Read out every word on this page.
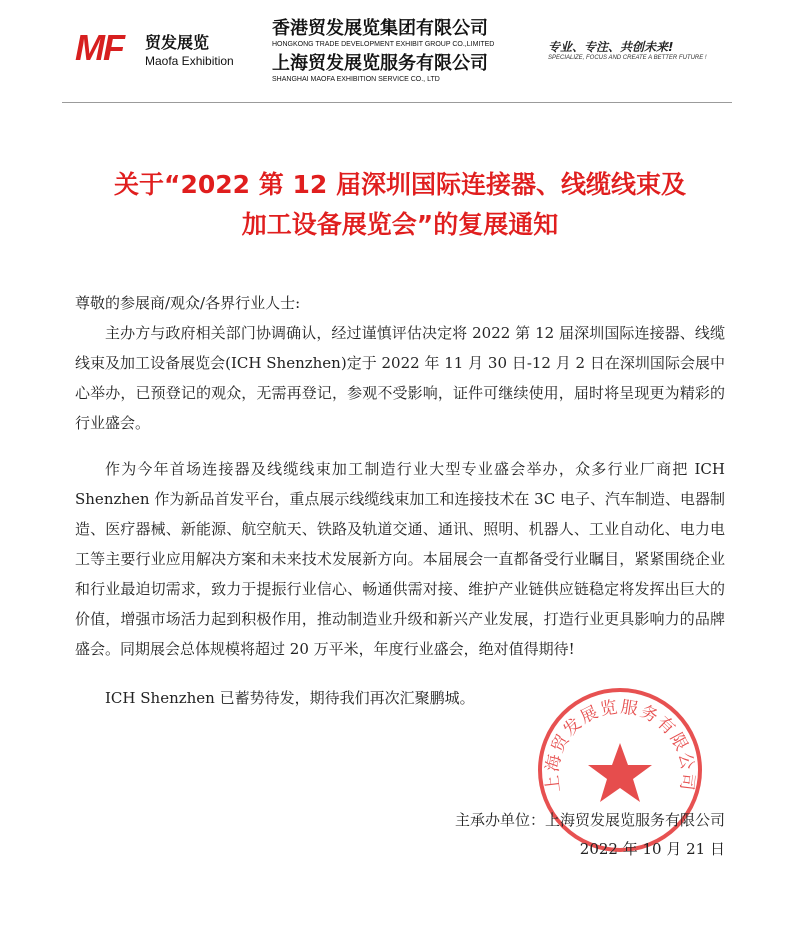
MF 贸发展览
Maofa Exhibition
香港贸发展览集团有限公司
HONGKONG TRADE DEVELOPMENT EXHIBIT GROUP CO.,LIMITED
上海贸发展览服务有限公司
SHANGHAI MAOFA EXHIBITION SERVICE CO., LTD
专业、专注、共创未来!
SPECIALIZE, FOCUS AND CREATE A BETTER FUTURE !
关于“2022 第 12 届深圳国际连接器、线缆线束及
加工设备展览会”的复展通知
尊敬的参展商/观众/各界行业人士:
主办方与政府相关部门协调确认，经过谨慎评估决定将 2022 第 12 届深圳国际连接器、线缆线束及加工设备展览会(ICH Shenzhen)定于 2022 年 11 月 30 日-12 月 2 日在深圳国际会展中心举办，已预登记的观众，无需再登记，参观不受影响，证件可继续使用，届时将呈现更为精彩的行业盛会。
作为今年首场连接器及线缆线束加工制造行业大型专业盛会举办，众多行业厂商把 ICH Shenzhen 作为新品首发平台，重点展示线缆线束加工和连接技术在 3C 电子、汽车制造、电器制造、医疗器械、新能源、航空航天、铁路及轨道交通、通讯、照明、机器人、工业自动化、电力电工等主要行业应用解决方案和未来技术发展新方向。本届展会一直都备受行业瞩目，紧紧围绕企业和行业最迫切需求，致力于提振行业信心、畅通供需对接、维护产业链供应链稳定将发挥出巨大的价值，增强市场活力起到积极作用，推动制造业升级和新兴产业发展，打造行业更具影响力的品牌盛会。同期展会总体规模将超过 20 万平米，年度行业盛会，绝对值得期待!
ICH Shenzhen 已蓄势待发，期待我们再次汇聚鹏城。
上海贸发展览服务有限公司
主承办单位：上海贸发展览服务有限公司
2022 年 10 月 21 日
